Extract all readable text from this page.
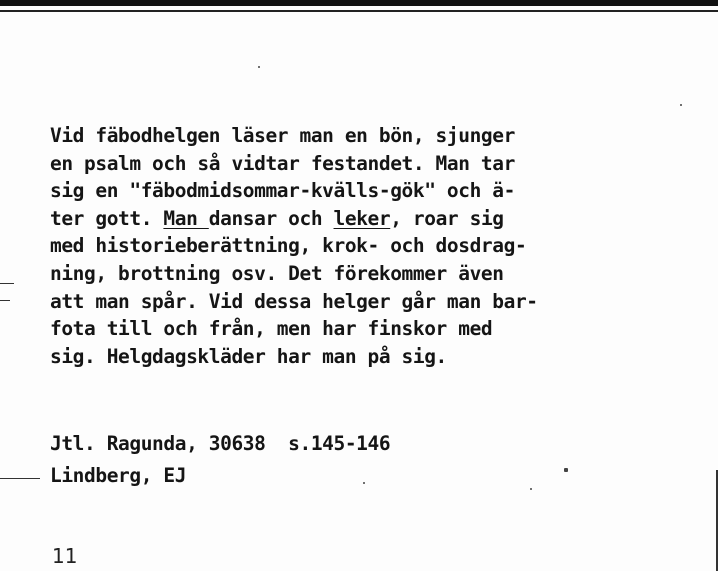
Vid fäbodhelgen läser man en bön, sjunger
en psalm och så vidtar festandet. Man tar
sig en "fäbodmidsommar-kvälls-gök" och ä-
ter gott. Man dansar och leker, roar sig
med historieberättning, krok- och dosdrag-
ning, brottning osv. Det förekommer även
att man spår. Vid dessa helger går man bar-
fota till och från, men har finskor med
sig. Helgdagskläder har man på sig.
Jtl. Ragunda, 30638  s.145-146
Lindberg, EJ
11
